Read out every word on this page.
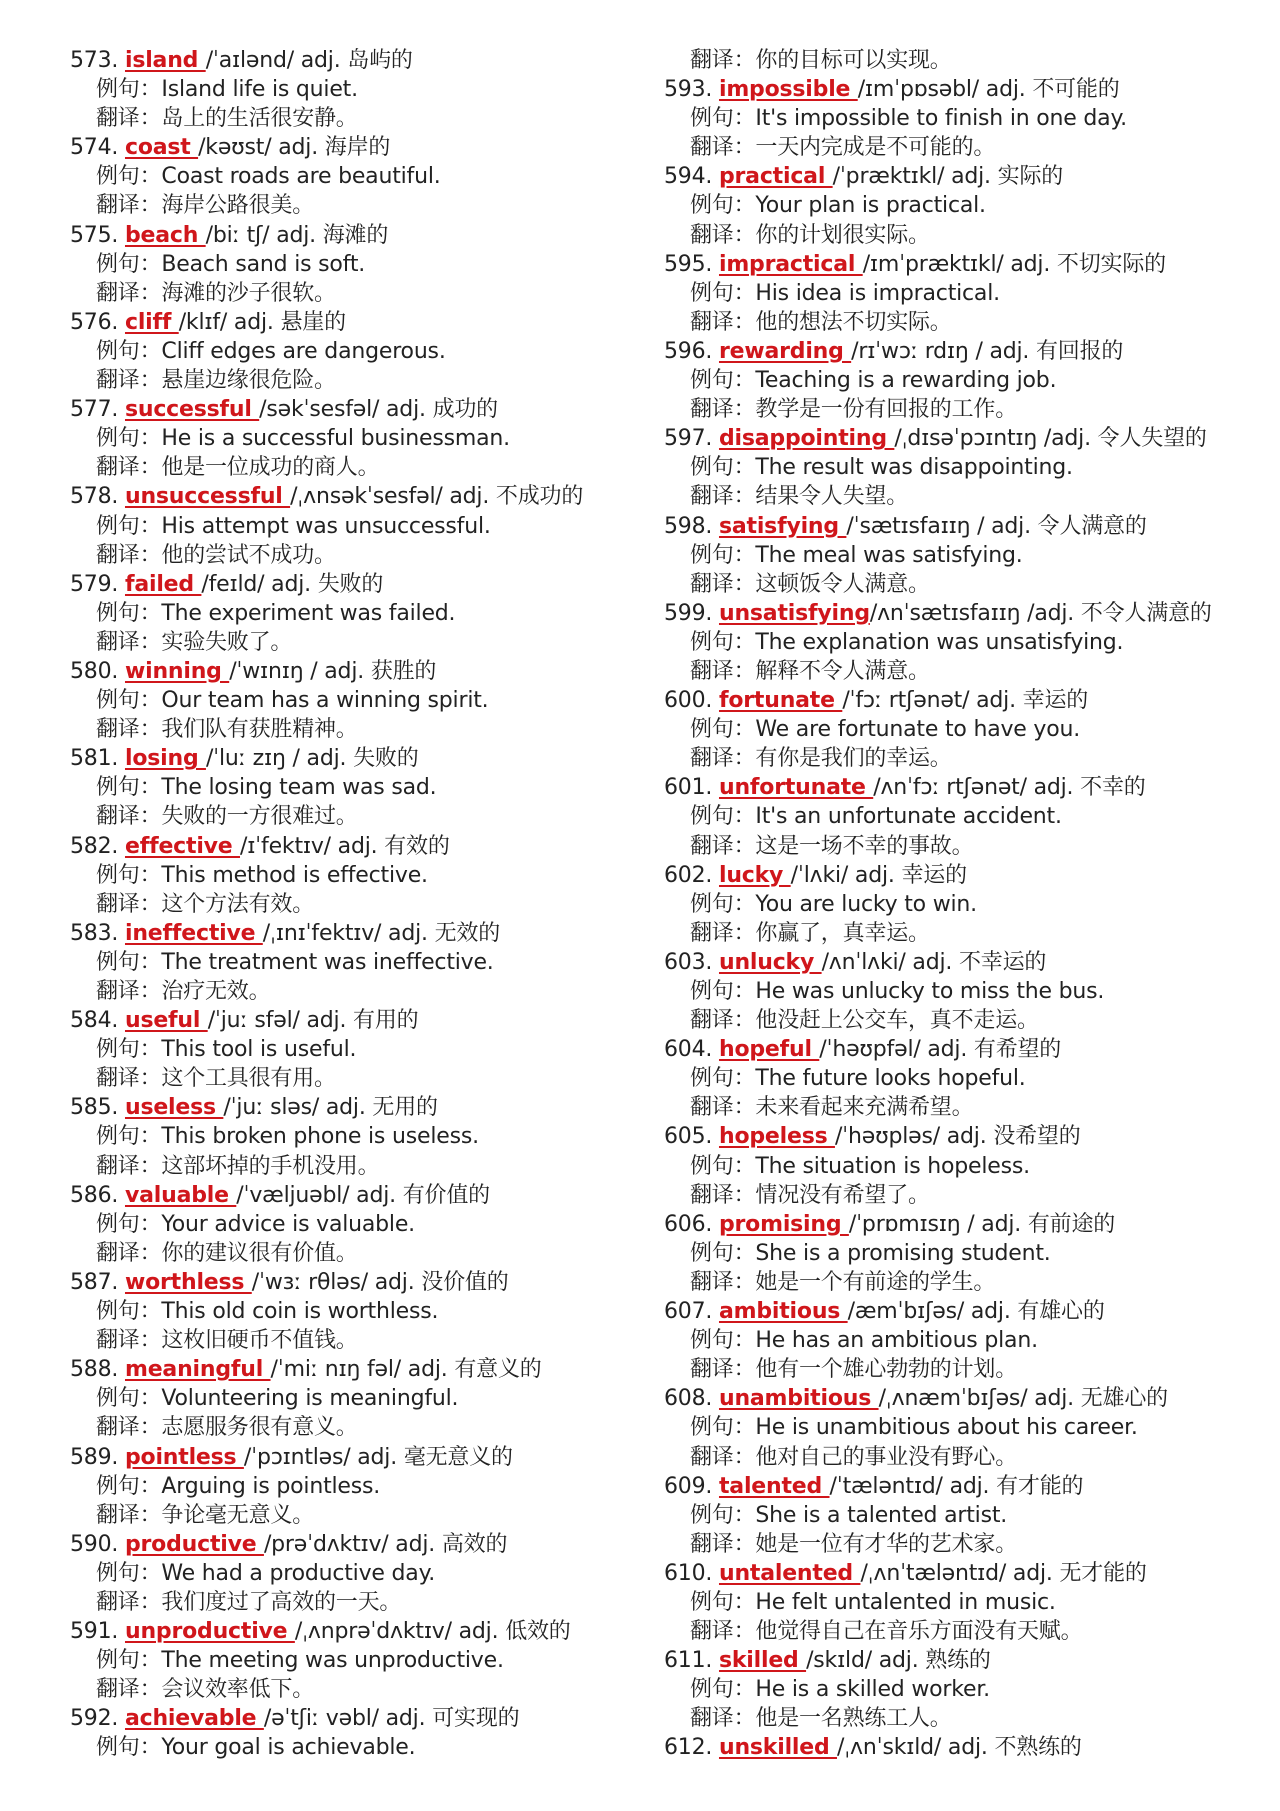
573. island /ˈaɪlənd/ adj. 岛屿的
例句：Island life is quiet.
翻译：岛上的生活很安静。
574. coast /kəʊst/ adj. 海岸的
例句：Coast roads are beautiful.
翻译：海岸公路很美。
575. beach /biː tʃ/ adj. 海滩的
例句：Beach sand is soft.
翻译：海滩的沙子很软。
576. cliff /klɪf/ adj. 悬崖的
例句：Cliff edges are dangerous.
翻译：悬崖边缘很危险。
577. successful /səkˈsesfəl/ adj. 成功的
例句：He is a successful businessman.
翻译：他是一位成功的商人。
578. unsuccessful /ˌʌnsəkˈsesfəl/ adj. 不成功的
例句：His attempt was unsuccessful.
翻译：他的尝试不成功。
579. failed /feɪld/ adj. 失败的
例句：The experiment was failed.
翻译：实验失败了。
580. winning /ˈwɪnɪŋ / adj. 获胜的
例句：Our team has a winning spirit.
翻译：我们队有获胜精神。
581. losing /ˈluː zɪŋ / adj. 失败的
例句：The losing team was sad.
翻译：失败的一方很难过。
582. effective /ɪˈfektɪv/ adj. 有效的
例句：This method is effective.
翻译：这个方法有效。
583. ineffective /ˌɪnɪˈfektɪv/ adj. 无效的
例句：The treatment was ineffective.
翻译：治疗无效。
584. useful /ˈjuː sfəl/ adj. 有用的
例句：This tool is useful.
翻译：这个工具很有用。
585. useless /ˈjuː sləs/ adj. 无用的
例句：This broken phone is useless.
翻译：这部坏掉的手机没用。
586. valuable /ˈvæljuəbl/ adj. 有价值的
例句：Your advice is valuable.
翻译：你的建议很有价值。
587. worthless /ˈwɜː rθləs/ adj. 没价值的
例句：This old coin is worthless.
翻译：这枚旧硬币不值钱。
588. meaningful /ˈmiː nɪŋ fəl/ adj. 有意义的
例句：Volunteering is meaningful.
翻译：志愿服务很有意义。
589. pointless /ˈpɔɪntləs/ adj. 毫无意义的
例句：Arguing is pointless.
翻译：争论毫无意义。
590. productive /prəˈdʌktɪv/ adj. 高效的
例句：We had a productive day.
翻译：我们度过了高效的一天。
591. unproductive /ˌʌnprəˈdʌktɪv/ adj. 低效的
例句：The meeting was unproductive.
翻译：会议效率低下。
592. achievable /əˈtʃiː vəbl/ adj. 可实现的
例句：Your goal is achievable.
翻译：你的目标可以实现。
593. impossible /ɪmˈpɒsəbl/ adj. 不可能的
例句：It's impossible to finish in one day.
翻译：一天内完成是不可能的。
594. practical /ˈpræktɪkl/ adj. 实际的
例句：Your plan is practical.
翻译：你的计划很实际。
595. impractical /ɪmˈpræktɪkl/ adj. 不切实际的
例句：His idea is impractical.
翻译：他的想法不切实际。
596. rewarding /rɪˈwɔː rdɪŋ / adj. 有回报的
例句：Teaching is a rewarding job.
翻译：教学是一份有回报的工作。
597. disappointing /ˌdɪsəˈpɔɪntɪŋ /adj. 令人失望的
例句：The result was disappointing.
翻译：结果令人失望。
598. satisfying /ˈsætɪsfaɪɪŋ / adj. 令人满意的
例句：The meal was satisfying.
翻译：这顿饭令人满意。
599. unsatisfying/ʌnˈsætɪsfaɪɪŋ /adj. 不令人满意的
例句：The explanation was unsatisfying.
翻译：解释不令人满意。
600. fortunate /ˈfɔː rtʃənət/ adj. 幸运的
例句：We are fortunate to have you.
翻译：有你是我们的幸运。
601. unfortunate /ʌnˈfɔː rtʃənət/ adj. 不幸的
例句：It's an unfortunate accident.
翻译：这是一场不幸的事故。
602. lucky /ˈlʌki/ adj. 幸运的
例句：You are lucky to win.
翻译：你赢了，真幸运。
603. unlucky /ʌnˈlʌki/ adj. 不幸运的
例句：He was unlucky to miss the bus.
翻译：他没赶上公交车，真不走运。
604. hopeful /ˈhəʊpfəl/ adj. 有希望的
例句：The future looks hopeful.
翻译：未来看起来充满希望。
605. hopeless /ˈhəʊpləs/ adj. 没希望的
例句：The situation is hopeless.
翻译：情况没有希望了。
606. promising /ˈprɒmɪsɪŋ / adj. 有前途的
例句：She is a promising student.
翻译：她是一个有前途的学生。
607. ambitious /æmˈbɪʃəs/ adj. 有雄心的
例句：He has an ambitious plan.
翻译：他有一个雄心勃勃的计划。
608. unambitious /ˌʌnæmˈbɪʃəs/ adj. 无雄心的
例句：He is unambitious about his career.
翻译：他对自己的事业没有野心。
609. talented /ˈtæləntɪd/ adj. 有才能的
例句：She is a talented artist.
翻译：她是一位有才华的艺术家。
610. untalented /ˌʌnˈtæləntɪd/ adj. 无才能的
例句：He felt untalented in music.
翻译：他觉得自己在音乐方面没有天赋。
611. skilled /skɪld/ adj. 熟练的
例句：He is a skilled worker.
翻译：他是一名熟练工人。
612. unskilled /ˌʌnˈskɪld/ adj. 不熟练的
